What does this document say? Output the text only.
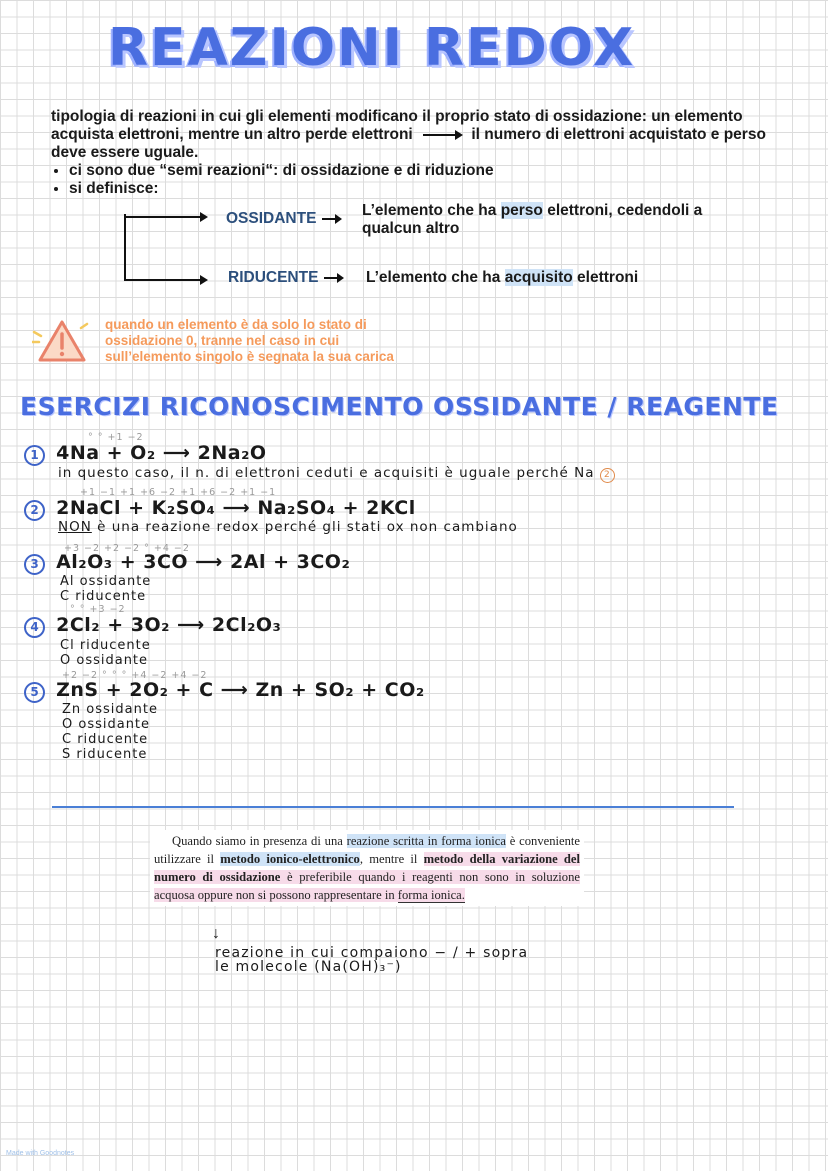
REAZIONI REDOX

tipologia di reazioni in cui gli elementi modificano il proprio stato di ossidazione: un elemento acquista elettroni, mentre un altro perde elettroni	il numero di elettroni acquistato e perso deve essere uguale.

• ci sono due “semi reazioni“: di ossidazione e di riduzione
• si definisce:
OSSIDANTE	L’elemento che ha perso elettroni, cedendoli a qualcun altro
RIDUCENTE	L’elemento che ha acquisito elettroni
quando un elemento è da solo lo stato di ossidazione 0, tranne nel caso in cui sull’elemento singolo è segnata la sua carica
ESERCIZI RICONOSCIMENTO OSSIDANTE / REAGENTE
° ° +1 −2
1 4Na + O₂ ⟶ 2Na₂O
in questo caso, il n. di elettroni ceduti e acquisiti è uguale perché Na 2
+1 −1 +1 +6 −2 +1 +6 −2 +1 −1
2 2NaCl + K₂SO₄ ⟶ Na₂SO₄ + 2KCl
NON è una reazione redox perché gli stati ox non cambiano
+3 −2 +2 −2 ° +4 −2
3 Al₂O₃ + 3CO ⟶ 2Al + 3CO₂
Al ossidante
C riducente
° ° +3 −2
4 2Cl₂ + 3O₂ ⟶ 2Cl₂O₃
Cl riducente
O ossidante
+2 −2 ° ° ° +4 −2 +4 −2
5 ZnS + 2O₂ + C ⟶ Zn + SO₂ + CO₂
Zn ossidante
O ossidante
C riducente
S riducente
Quando siamo in presenza di una reazione scritta in forma ionica è conveniente utilizzare il metodo ionico-elettronico, mentre il metodo della variazione del numero di ossidazione è preferibile quando i reagenti non sono in soluzione acquosa oppure non si possono rappresentare in forma ionica.
↓
reazione in cui compaiono − / + sopra
le molecole (Na(OH)₃⁻)
Made with Goodnotes
